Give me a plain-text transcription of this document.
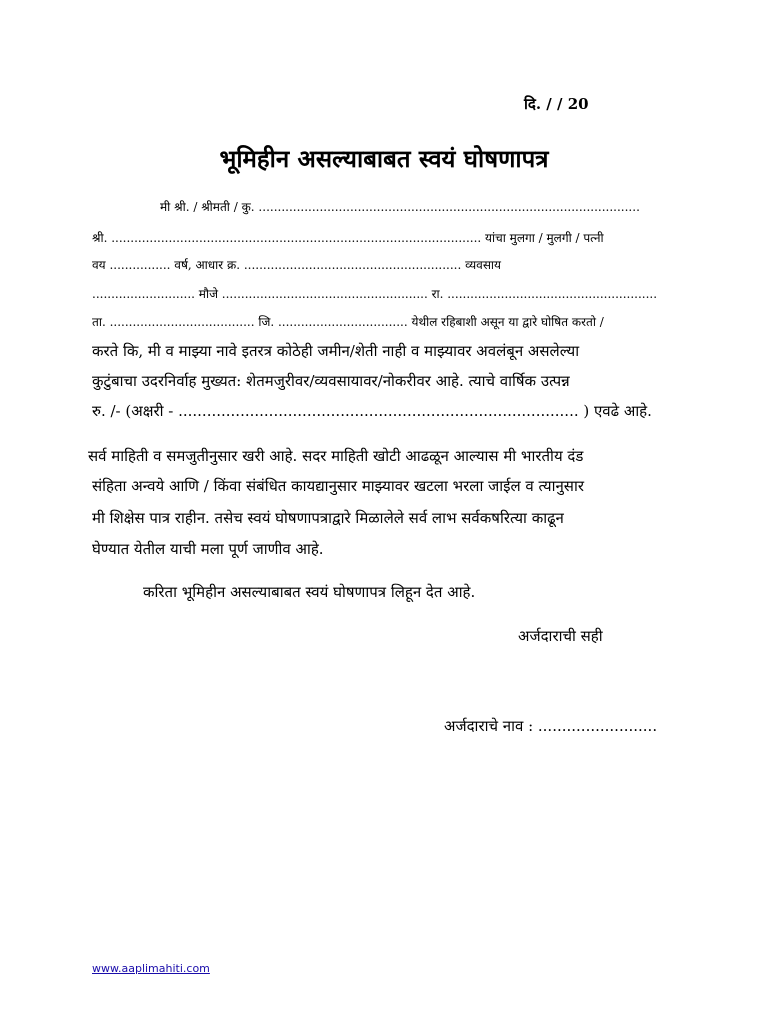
दि. / / 20
भूमिहीन असल्याबाबत स्वयं घोषणापत्र
मी श्री. / श्रीमती / कु. ....................................................................................................
श्री. ................................................................................................. यांचा मुलगा / मुलगी / पत्नी
वय ................ वर्ष, आधार क्र. ......................................................... व्यवसाय
........................... मौजे ...................................................... रा. .......................................................
ता. ...................................... जि. .................................. येथील रहिबाशी असून या द्वारे घोषित करतो /
करते कि, मी व माझ्या नावे इतरत्र कोठेही जमीन/शेती नाही व माझ्यावर अवलंबून असलेल्या
कुटुंबाचा उदरनिर्वाह मुख्यत: शेतमजुरीवर/व्यवसायावर/नोकरीवर आहे. त्याचे वार्षिक उत्पन्न
रु. /- (अक्षरी - .................................................................................... ) एवढे आहे.
सर्व माहिती व समजुतीनुसार खरी आहे. सदर माहिती खोटी आढळून आल्यास मी भारतीय दंड
संहिता अन्वये आणि / किंवा संबंधित कायद्यानुसार माझ्यावर खटला भरला जाईल व त्यानुसार
मी शिक्षेस पात्र राहीन. तसेच स्वयं घोषणापत्राद्वारे मिळालेले सर्व लाभ सर्वकषरित्या काढून
घेण्यात येतील याची मला पूर्ण जाणीव आहे.
करिता भूमिहीन असल्याबाबत स्वयं घोषणापत्र लिहून देत आहे.
अर्जदाराची सही
अर्जदाराचे नाव : .........................
www.aaplimahiti.com
